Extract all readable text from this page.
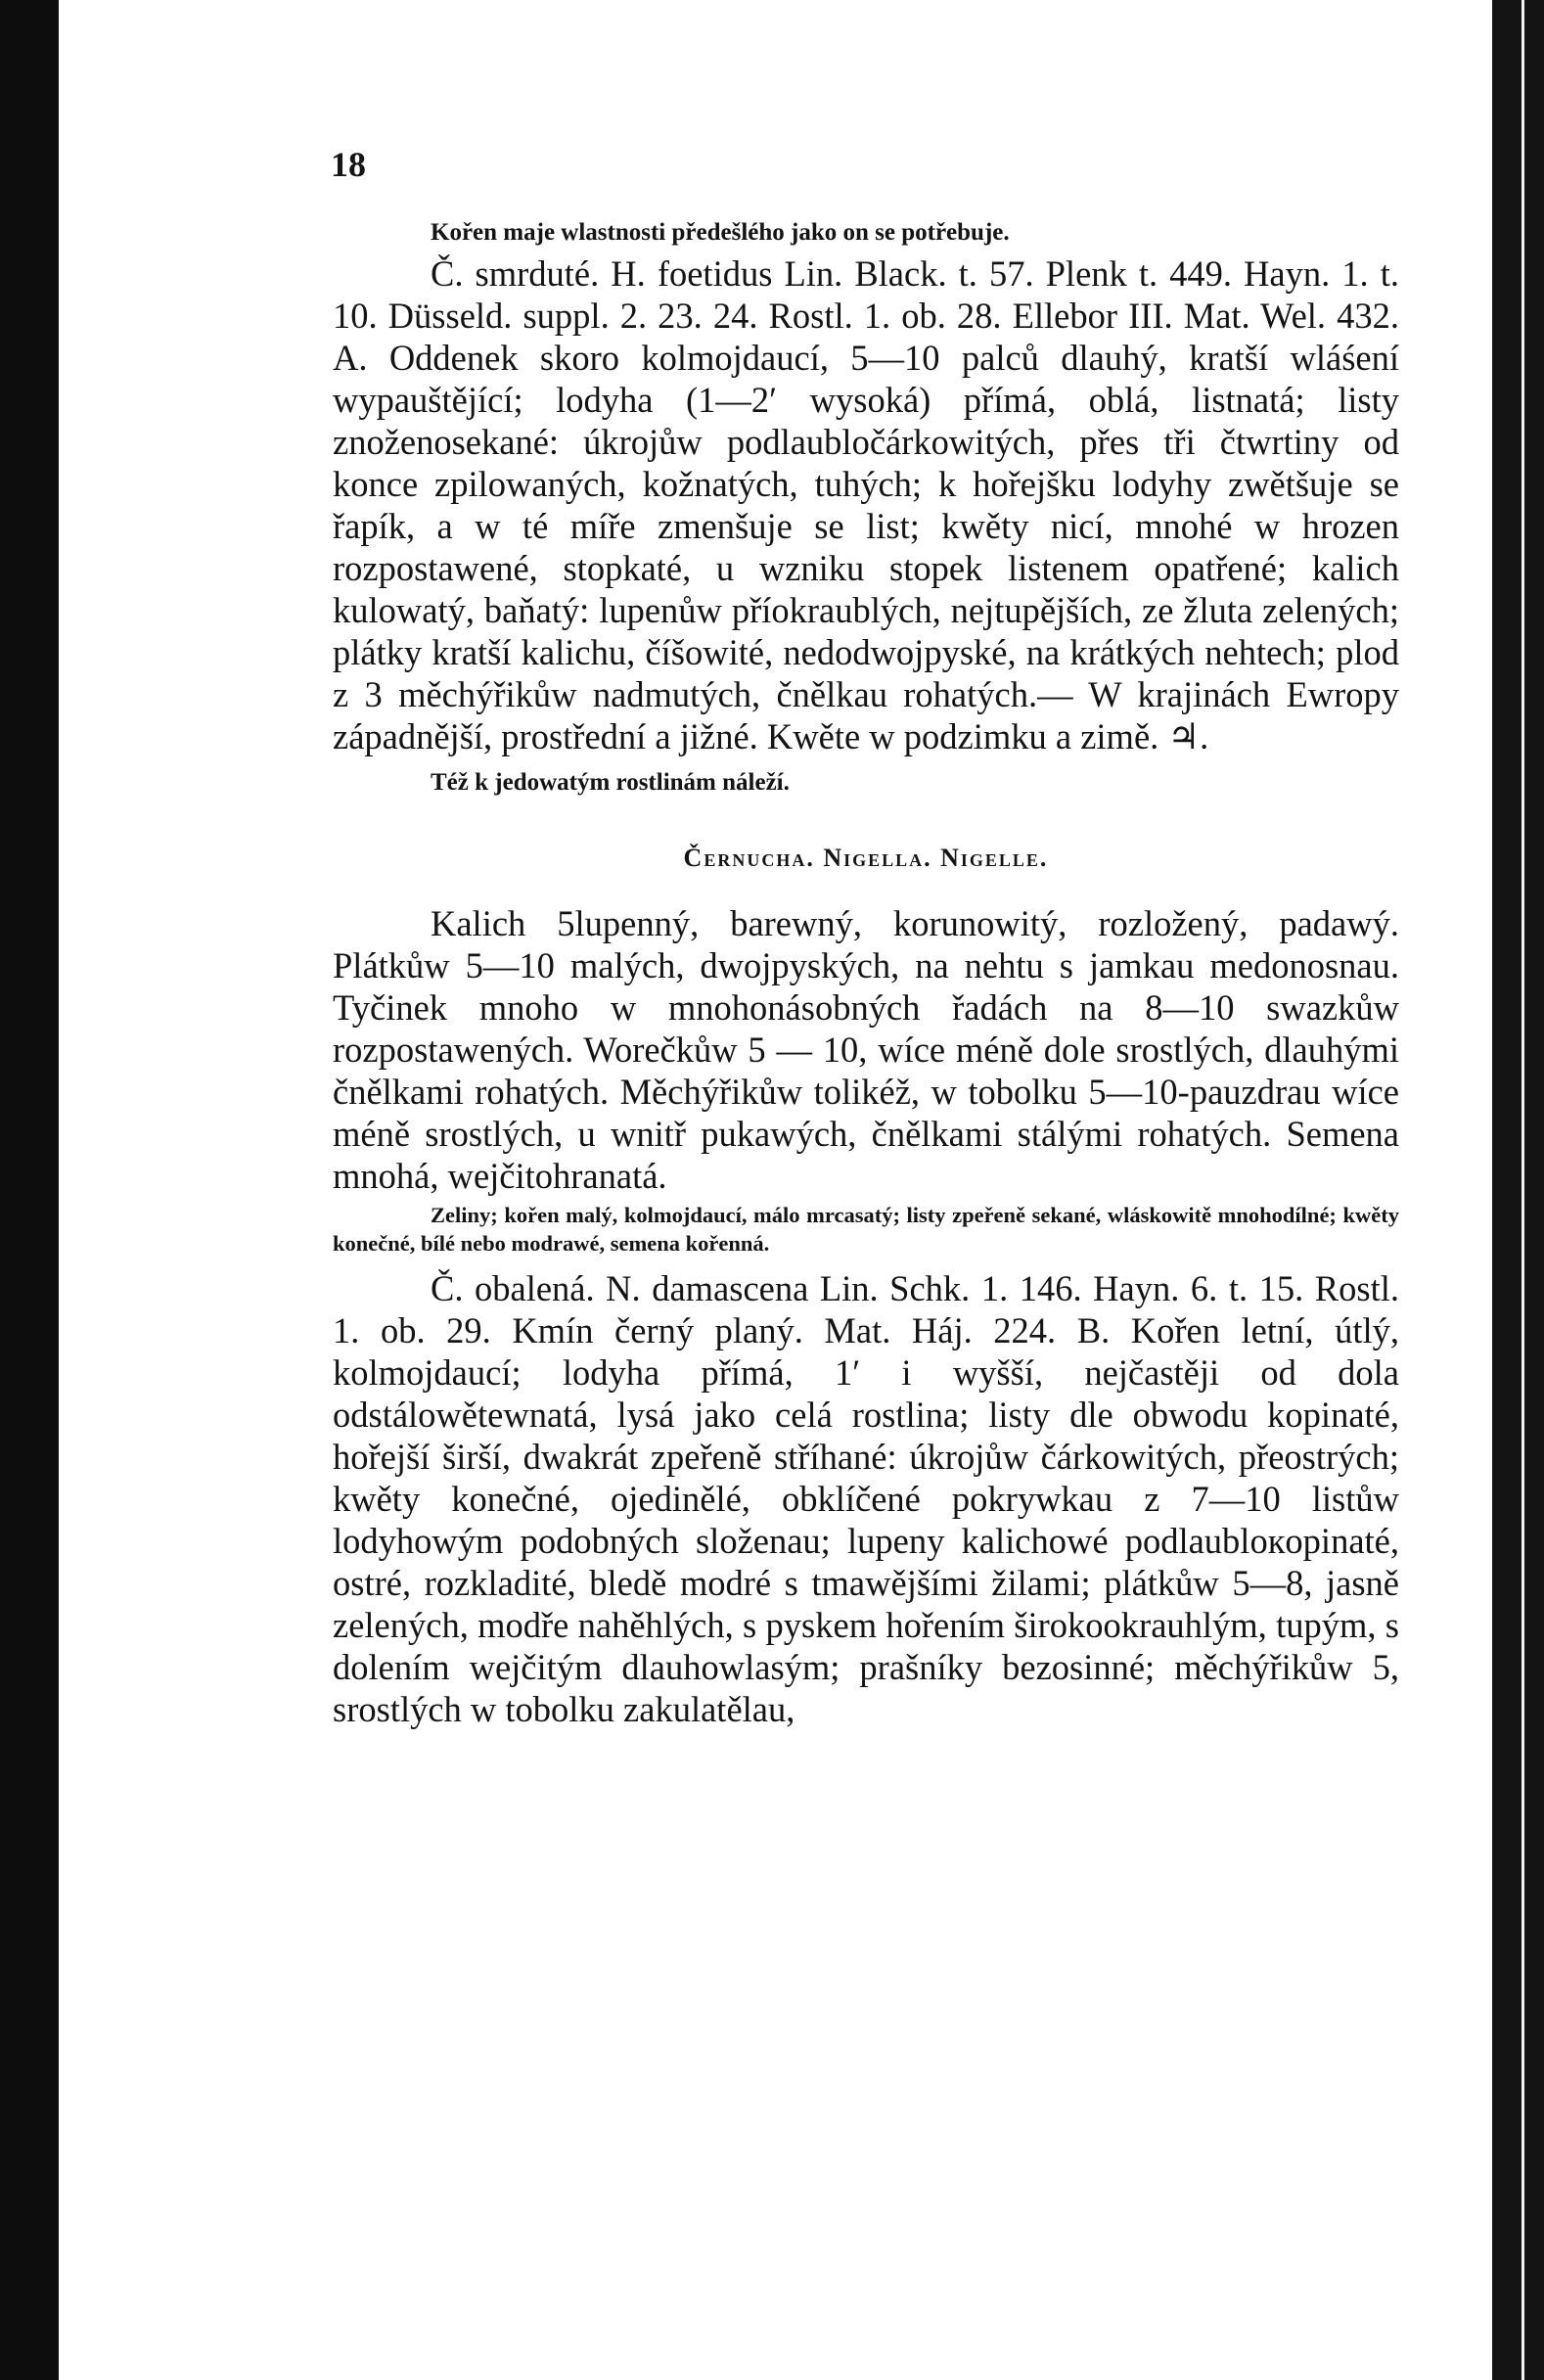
18

Kořen maje wlastnosti předešlého jako on se potřebuje.

Č. smrduté. H. foetidus Lin. Black. t. 57. Plenk t. 449. Hayn. 1. t. 10. Düsseld. suppl. 2. 23. 24. Rostl. 1. ob. 28. Ellebor III. Mat. Wel. 432. A. Oddenek skoro kolmojdaucí, 5—10 palců dlauhý, kratší wláśení wypauštějící; lodyha (1—2′ wysoká) přímá, oblá, listnatá; listy znoženosekané: úkrojůw podlaubločárkowitých, přes tři čtwrtiny od konce zpilowaných, kožnatých, tuhých; k hořejšku lodyhy zwětšuje se řapík, a w té míře zmenšuje se list; kwěty nicí, mnohé w hrozen rozpostawené, stopkaté, u wzniku stopek listenem opatřené; kalich kulowatý, baňatý: lupenůw příokraublých, nejtupějších, ze žluta zelených; plátky kratší kalichu, číšowité, nedodwojpyské, na krátkých nehtech; plod z 3 měchýřikůw nadmutých, čnělkau rohatých.— W krajinách Ewropy západnější, prostřední a jižné. Kwěte w podzimku a zimě. ♃.

Též k jedowatým rostlinám náleží.

Černucha. Nigella. Nigelle.

Kalich 5lupenný, barewný, korunowitý, rozložený, padawý. Plátkůw 5—10 malých, dwojpyských, na nehtu s jamkau medonosnau. Tyčinek mnoho w mnohonásobných řadách na 8—10 swazkůw rozpostawených. Worečkůw 5 — 10, wíce méně dole srostlých, dlauhými čnělkami rohatých. Měchýřikůw tolikéž, w tobolku 5—10-pauzdrau wíce méně srostlých, u wnitř pukawých, čnělkami stálými rohatých. Semena mnohá, wejčitohranatá.

Zeliny; kořen malý, kolmojdaucí, málo mrcasatý; listy zpeřeně sekané, wláskowitě mnohodílné; kwěty konečné, bílé nebo modrawé, semena kořenná.

Č. obalená. N. damascena Lin. Schk. 1. 146. Hayn. 6. t. 15. Rostl. 1. ob. 29. Kmín černý planý. Mat. Háj. 224. B. Kořen letní, útlý, kolmojdaucí; lodyha přímá, 1′ i wyšší, nejčastěji od dola odstálowětewnatá, lysá jako celá rostlina; listy dle obwodu kopinaté, hořejší širší, dwakrát zpeřeně stříhané: úkrojůw čárkowitých, přeostrých; kwěty konečné, ojedinělé, obklíčené pokrywkau z 7—10 listůw lodyhowým podobných složenau; lupeny kalichowé podlaubloкopinaté, ostré, rozkladité, bledě modré s tmawějšími žilami; plátkůw 5—8, jasně zelených, modře nahěhlých, s pyskem hořením širokookrauhlým, tupým, s dolením wejčitým dlauhowlasým; prašníky bezosinné; měchýřikůw 5, srostlých w tobolku zakulatělau,
